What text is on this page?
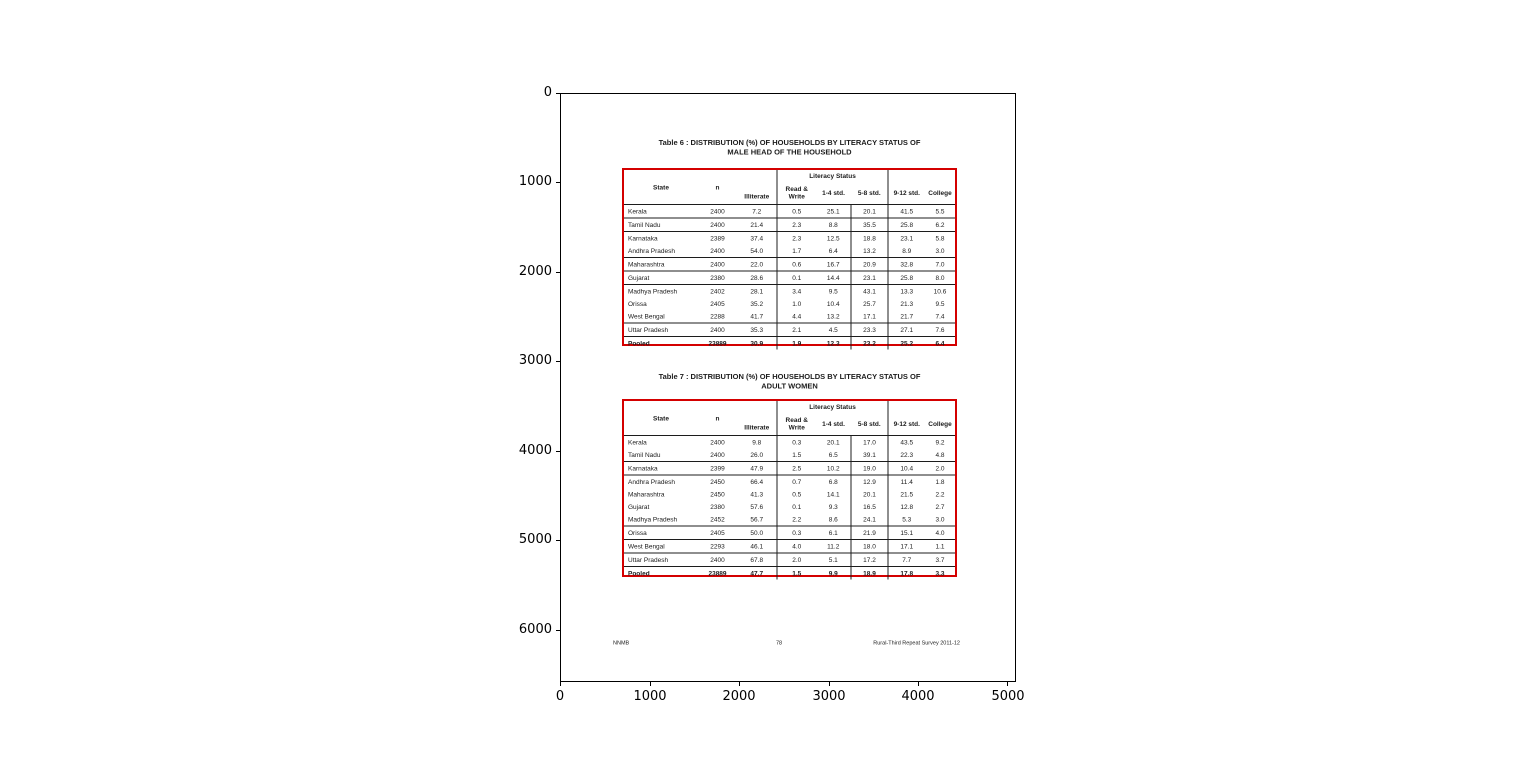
0
1000
2000
3000
4000
5000
6000
0	1000	2000	3000	4000	5000
Table 6 : DISTRIBUTION (%) OF HOUSEHOLDS BY LITERACY STATUS OF
MALE HEAD OF THE HOUSEHOLD
State	n	Illiterate	Literacy Status				
			Read & Write	1-4 std.	5-8 std.	9-12 std.	College
Kerala	2400	7.2	0.5	25.1	20.1	41.5	5.5
Tamil Nadu	2400	21.4	2.3	8.8	35.5	25.8	6.2
Karnataka	2389	37.4	2.3	12.5	18.8	23.1	5.8
Andhra Pradesh	2400	54.0	1.7	6.4	13.2	8.9	3.0
Maharashtra	2400	22.0	0.6	16.7	20.9	32.8	7.0
Gujarat	2380	28.6	0.1	14.4	23.1	25.8	8.0
Madhya Pradesh	2402	28.1	3.4	9.5	43.1	13.3	10.6
Orissa	2405	35.2	1.0	10.4	25.7	21.3	9.5
West Bengal	2288	41.7	4.4	13.2	17.1	21.7	7.4
Uttar Pradesh	2400	35.3	2.1	4.5	23.3	27.1	7.6
Pooled	23889	30.9	1.9	12.3	23.2	25.2	6.4
Table 7 : DISTRIBUTION (%) OF HOUSEHOLDS BY LITERACY STATUS OF
ADULT WOMEN
State	n	Illiterate	Literacy Status				
			Read & Write	1-4 std.	5-8 std.	9-12 std.	College
Kerala	2400	9.8	0.3	20.1	17.0	43.5	9.2
Tamil Nadu	2400	26.0	1.5	6.5	39.1	22.3	4.8
Karnataka	2399	47.9	2.5	10.2	19.0	10.4	2.0
Andhra Pradesh	2450	66.4	0.7	6.8	12.9	11.4	1.8
Maharashtra	2450	41.3	0.5	14.1	20.1	21.5	2.2
Gujarat	2380	57.6	0.1	9.3	16.5	12.8	2.7
Madhya Pradesh	2452	56.7	2.2	8.6	24.1	5.3	3.0
Orissa	2405	50.0	0.3	6.1	21.9	15.1	4.0
West Bengal	2293	46.1	4.0	11.2	18.0	17.1	1.1
Uttar Pradesh	2400	67.8	2.0	5.1	17.2	7.7	3.7
Pooled	23889	47.7	1.5	9.9	18.9	17.8	3.3
NNMB	78	Rural-Third Repeat Survey 2011-12
